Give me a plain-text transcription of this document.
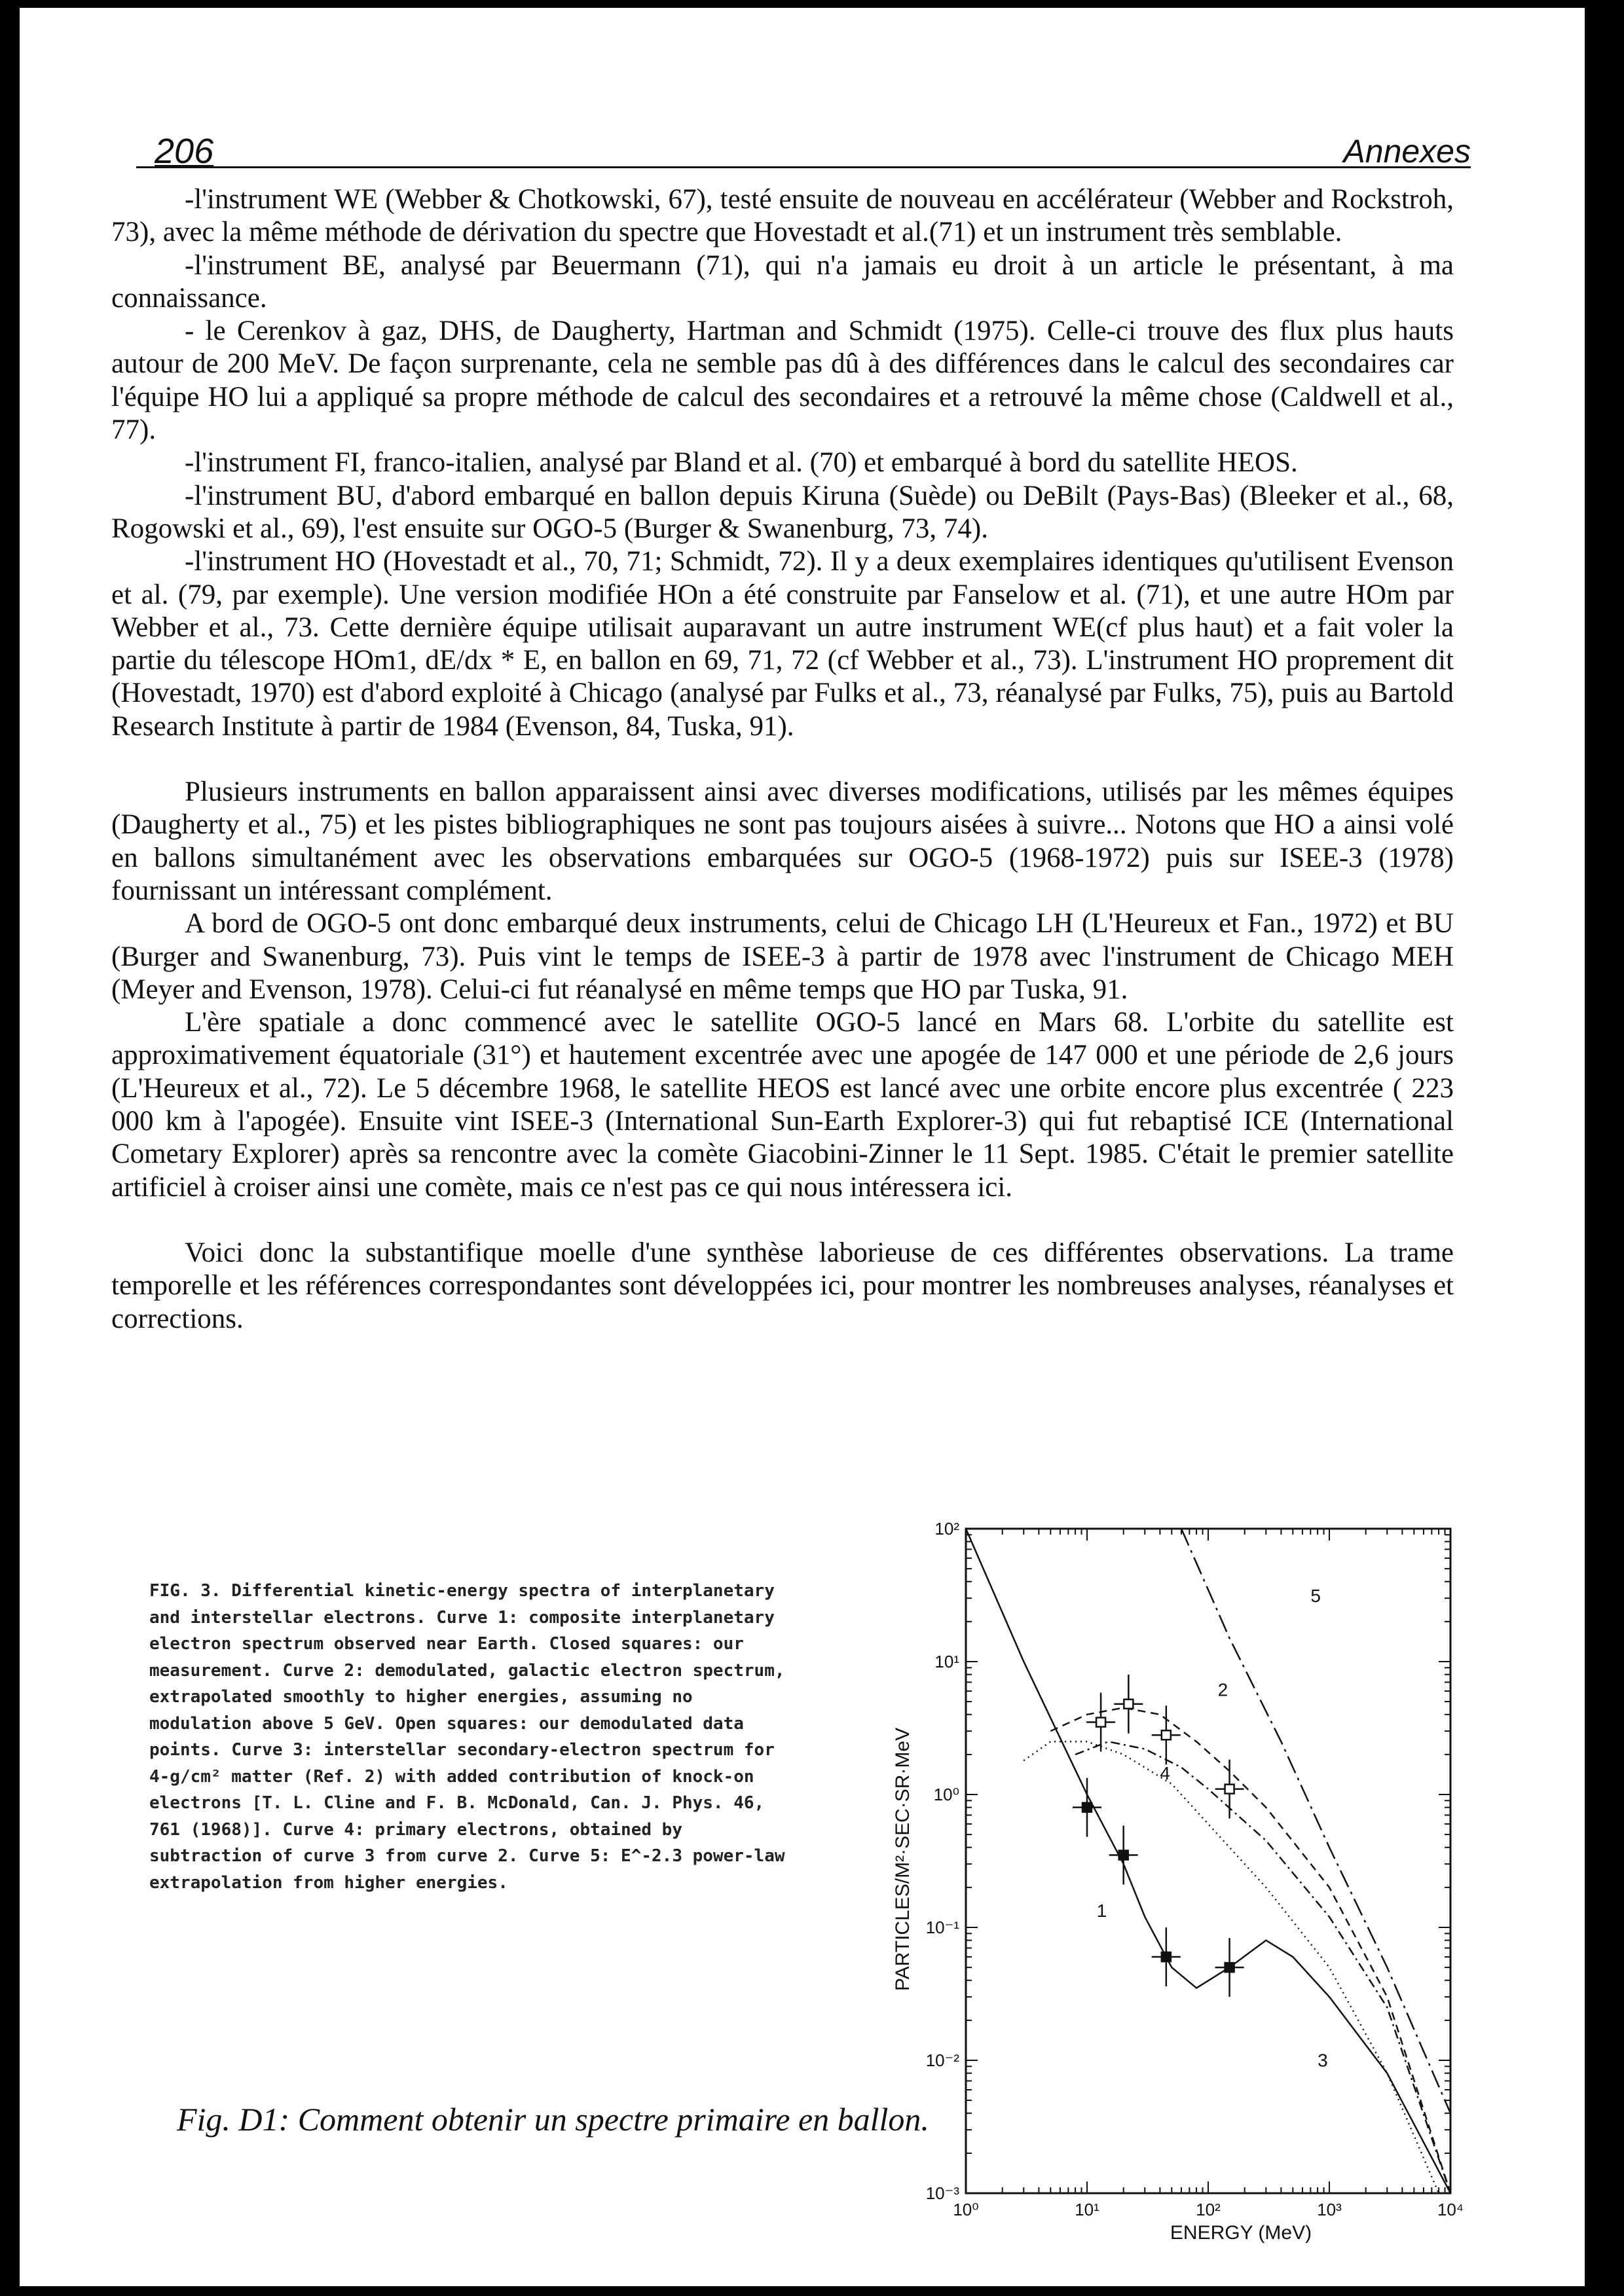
206	Annexes

-l'instrument WE (Webber & Chotkowski, 67), testé ensuite de nouveau en accélérateur (Webber and Rockstroh, 73), avec la même méthode de dérivation du spectre que Hovestadt et al.(71) et un instrument très semblable.

-l'instrument BE, analysé par Beuermann (71), qui n'a jamais eu droit à un article le présentant, à ma connaissance.

- le Cerenkov à gaz, DHS, de Daugherty, Hartman and Schmidt (1975). Celle-ci trouve des flux plus hauts autour de 200 MeV. De façon surprenante, cela ne semble pas dû à des différences dans le calcul des secondaires car l'équipe HO lui a appliqué sa propre méthode de calcul des secondaires et a retrouvé la même chose (Caldwell et al., 77).

-l'instrument FI, franco-italien, analysé par Bland et al. (70) et embarqué à bord du satellite HEOS.

-l'instrument BU, d'abord embarqué en ballon depuis Kiruna (Suède) ou DeBilt (Pays-Bas) (Bleeker et al., 68, Rogowski et al., 69), l'est ensuite sur OGO-5 (Burger & Swanenburg, 73, 74).

-l'instrument HO (Hovestadt et al., 70, 71; Schmidt, 72). Il y a deux exemplaires identiques qu'utilisent Evenson et al. (79, par exemple). Une version modifiée HOn a été construite par Fanselow et al. (71), et une autre HOm par Webber et al., 73. Cette dernière équipe utilisait auparavant un autre instrument WE(cf plus haut) et a fait voler la partie du télescope HOm1, dE/dx * E, en ballon en 69, 71, 72 (cf Webber et al., 73). L'instrument HO proprement dit (Hovestadt, 1970) est d'abord exploité à Chicago (analysé par Fulks et al., 73, réanalysé par Fulks, 75), puis au Bartold Research Institute à partir de 1984 (Evenson, 84, Tuska, 91).

Plusieurs instruments en ballon apparaissent ainsi avec diverses modifications, utilisés par les mêmes équipes (Daugherty et al., 75) et les pistes bibliographiques ne sont pas toujours aisées à suivre... Notons que HO a ainsi volé en ballons simultanément avec les observations embarquées sur OGO-5 (1968-1972) puis sur ISEE-3 (1978) fournissant un intéressant complément.

A bord de OGO-5 ont donc embarqué deux instruments, celui de Chicago LH (L'Heureux et Fan., 1972) et BU (Burger and Swanenburg, 73). Puis vint le temps de ISEE-3 à partir de 1978 avec l'instrument de Chicago MEH (Meyer and Evenson, 1978). Celui-ci fut réanalysé en même temps que HO par Tuska, 91.

L'ère spatiale a donc commencé avec le satellite OGO-5 lancé en Mars 68. L'orbite du satellite est approximativement équatoriale (31°) et hautement excentrée avec une apogée de 147 000 et une période de 2,6 jours (L'Heureux et al., 72). Le 5 décembre 1968, le satellite HEOS est lancé avec une orbite encore plus excentrée ( 223 000 km à l'apogée). Ensuite vint ISEE-3 (International Sun-Earth Explorer-3) qui fut rebaptisé ICE (International Cometary Explorer) après sa rencontre avec la comète Giacobini-Zinner le 11 Sept. 1985. C'était le premier satellite artificiel à croiser ainsi une comète, mais ce n'est pas ce qui nous intéressera ici.

Voici donc la substantifique moelle d'une synthèse laborieuse de ces différentes observations. La trame temporelle et les références correspondantes sont développées ici, pour montrer les nombreuses analyses, réanalyses et corrections.

FIG. 3. Differential kinetic-energy spectra of interplanetary and interstellar electrons. Curve 1: composite interplanetary electron spectrum observed near Earth. Closed squares: our measurement. Curve 2: demodulated, galactic electron spectrum, extrapolated smoothly to higher energies, assuming no modulation above 5 GeV. Open squares: our demodulated data points. Curve 3: interstellar secondary-electron spectrum for 4-g/cm² matter (Ref. 2) with added contribution of knock-on electrons [T. L. Cline and F. B. McDonald, Can. J. Phys. 46, 761 (1968)]. Curve 4: primary electrons, obtained by subtraction of curve 3 from curve 2. Curve 5: E^-2.3 power-law extrapolation from higher energies.
Fig. D1: Comment obtenir un spectre primaire en ballon.
10⁰	10¹	10²	10³	10⁴
10⁻³
10⁻²
10⁻¹
10⁰
10¹
10²
1
2
3
4
5
ENERGY (MeV)
PARTICLES/M²·SEC·SR·MeV
